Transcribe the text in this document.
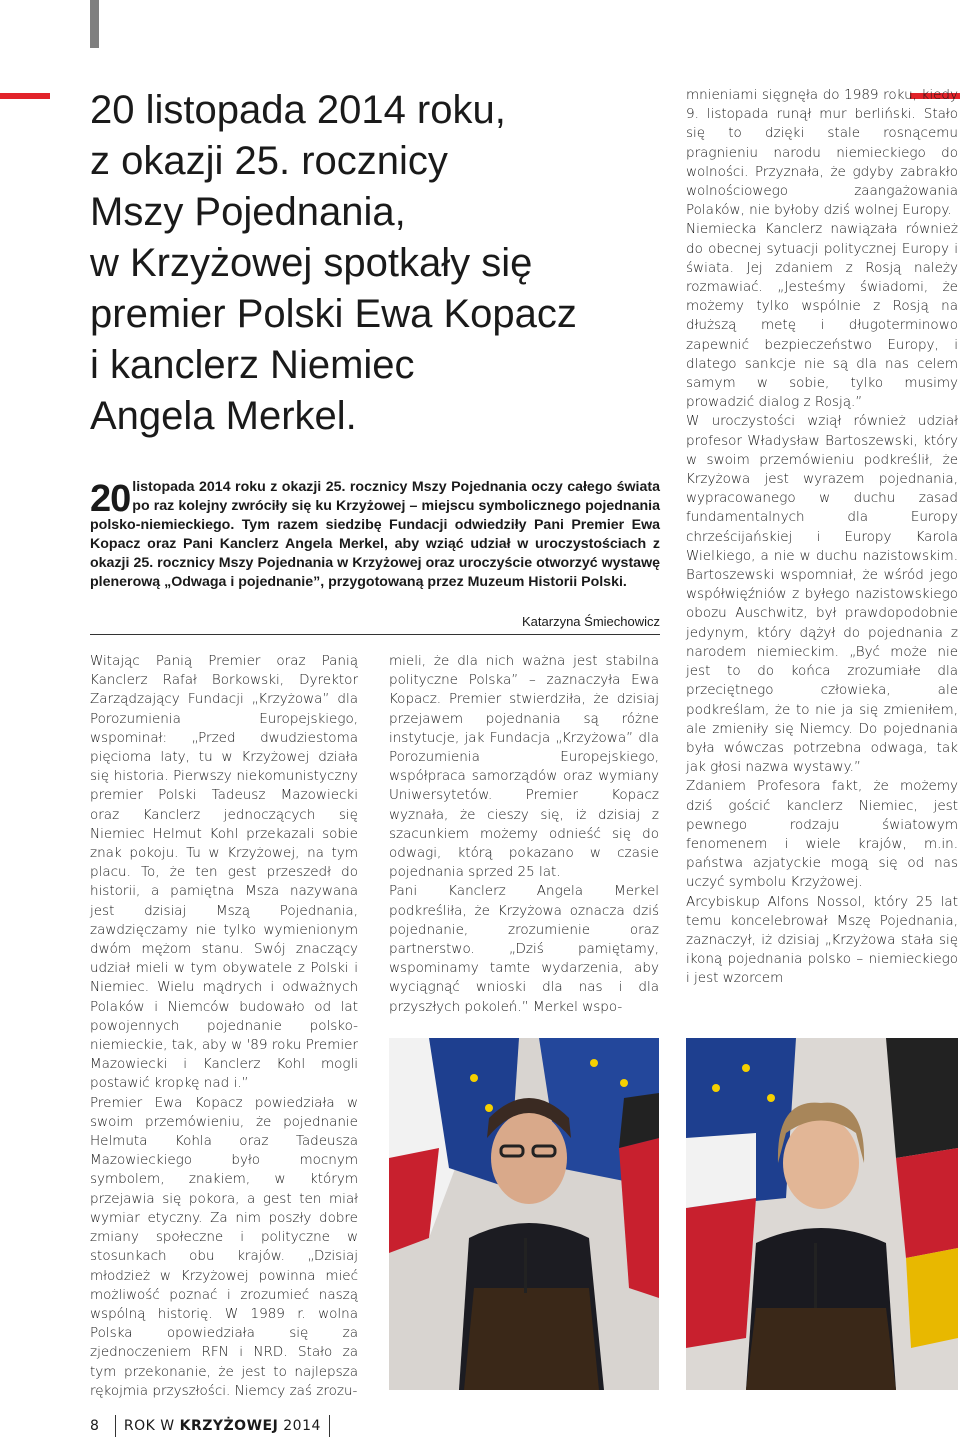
20 listopada 2014 roku,
z okazji 25. rocznicy
Mszy Pojednania,
w Krzyżowej spotkały się
premier Polski Ewa Kopacz
i kanclerz Niemiec
Angela Merkel.
20 listopada 2014 roku z okazji 25. rocznicy Mszy Pojednania oczy całego świata po raz kolejny zwróciły się ku Krzyżowej – miejscu symbolicznego pojednania polsko-niemieckiego. Tym razem siedzibę Fundacji odwiedziły Pani Premier Ewa Kopacz oraz Pani Kanclerz Angela Merkel, aby wziąć udział w uroczystościach z okazji 25. rocznicy Mszy Pojednania w Krzyżowej oraz uroczyście otworzyć wystawę plenerową „Odwaga i pojednanie”, przygotowaną przez Muzeum Historii Polski.
Katarzyna Śmiechowicz

Witając Panią Premier oraz Panią Kanclerz Rafał Borkowski, Dyrektor Zarządzający Fundacji „Krzyżowa” dla Porozumienia Europejskiego, wspominał: „Przed dwudziestoma pięcioma laty, tu w Krzyżowej działa się historia. Pierwszy niekomunistyczny premier Polski Tadeusz Mazowiecki oraz Kanclerz jednoczących się Niemiec Helmut Kohl przekazali sobie znak pokoju. Tu w Krzyżowej, na tym placu. To, że ten gest przeszedł do historii, a pamiętna Msza nazywana jest dzisiaj Mszą Pojednania, zawdzięczamy nie tylko wymienionym dwóm mężom stanu. Swój znaczący udział mieli w tym obywatele z Polski i Niemiec. Wielu mądrych i odważnych Polaków i Niemców budowało od lat powojennych pojednanie polsko-niemieckie, tak, aby w '89 roku Premier Mazowiecki i Kanclerz Kohl mogli postawić kropkę nad i.”

Premier Ewa Kopacz powiedziała w swoim przemówieniu, że pojednanie Helmuta Kohla oraz Tadeusza Mazowieckiego było mocnym symbolem, znakiem, w którym przejawia się pokora, a gest ten miał wymiar etyczny. Za nim poszły dobre zmiany społeczne i polityczne w stosunkach obu krajów. „Dzisiaj młodzież w Krzyżowej powinna mieć możliwość poznać i zrozumieć naszą wspólną historię. W 1989 r. wolna Polska opowiedziała się za zjednoczeniem RFN i NRD. Stało za tym przekonanie, że jest to najlepsza rękojmia przyszłości. Niemcy zaś zrozu-

mieli, że dla nich ważna jest stabilna polityczne Polska” – zaznaczyła Ewa Kopacz. Premier stwierdziła, że dzisiaj przejawem pojednania są różne instytucje, jak Fundacja „Krzyżowa” dla Porozumienia Europejskiego, współpraca samorządów oraz wymiany Uniwersytetów. Premier Kopacz wyznała, że cieszy się, iż dzisiaj z szacunkiem możemy odnieść się do odwagi, którą pokazano w czasie pojednania sprzed 25 lat.

Pani Kanclerz Angela Merkel podkreśliła, że Krzyżowa oznacza dziś pojednanie, zrozumienie oraz partnerstwo. „Dziś pamiętamy, wspominamy tamte wydarzenia, aby wyciągnąć wnioski dla nas i dla przyszłych pokoleń.” Merkel wspo-

mnieniami sięgnęła do 1989 roku, kiedy 9. listopada runął mur berliński. Stało się to dzięki stale rosnącemu pragnieniu narodu niemieckiego do wolności. Przyznała, że gdyby zabrakło wolnościowego zaangażowania Polaków, nie byłoby dziś wolnej Europy.

Niemiecka Kanclerz nawiązała również do obecnej sytuacji politycznej Europy i świata. Jej zdaniem z Rosją należy rozmawiać. „Jesteśmy świadomi, że możemy tylko wspólnie z Rosją na dłuższą metę i długoterminowo zapewnić bezpieczeństwo Europy, i dlatego sankcje nie są dla nas celem samym w sobie, tylko musimy prowadzić dialog z Rosją.”

W uroczystości wziął również udział profesor Władysław Bartoszewski, który w swoim przemówieniu podkreślił, że Krzyżowa jest wyrazem pojednania, wypracowanego w duchu zasad fundamentalnych dla Europy chrześcijańskiej i Europy Karola Wielkiego, a nie w duchu nazistowskim. Bartoszewski wspomniał, że wśród jego współwięźniów z byłego nazistowskiego obozu Auschwitz, był prawdopodobnie jedynym, który dążył do pojednania z narodem niemieckim. „Być może nie jest to do końca zrozumiałe dla przeciętnego człowieka, ale podkreślam, że to nie ja się zmieniłem, ale zmieniły się Niemcy. Do pojednania była wówczas potrzebna odwaga, tak jak głosi nazwa wystawy.”

Zdaniem Profesora fakt, że możemy dziś gościć kanclerz Niemiec, jest pewnego rodzaju światowym fenomenem i wiele krajów, m.in. państwa azjatyckie mogą się od nas uczyć symbolu Krzyżowej.

Arcybiskup Alfons Nossol, który 25 lat temu koncelebrował Mszę Pojednania, zaznaczył, iż dzisiaj „Krzyżowa stała się ikoną pojednania polsko – niemieckiego i jest wzorcem

8 ROK W KRZYŻOWEJ 2014
